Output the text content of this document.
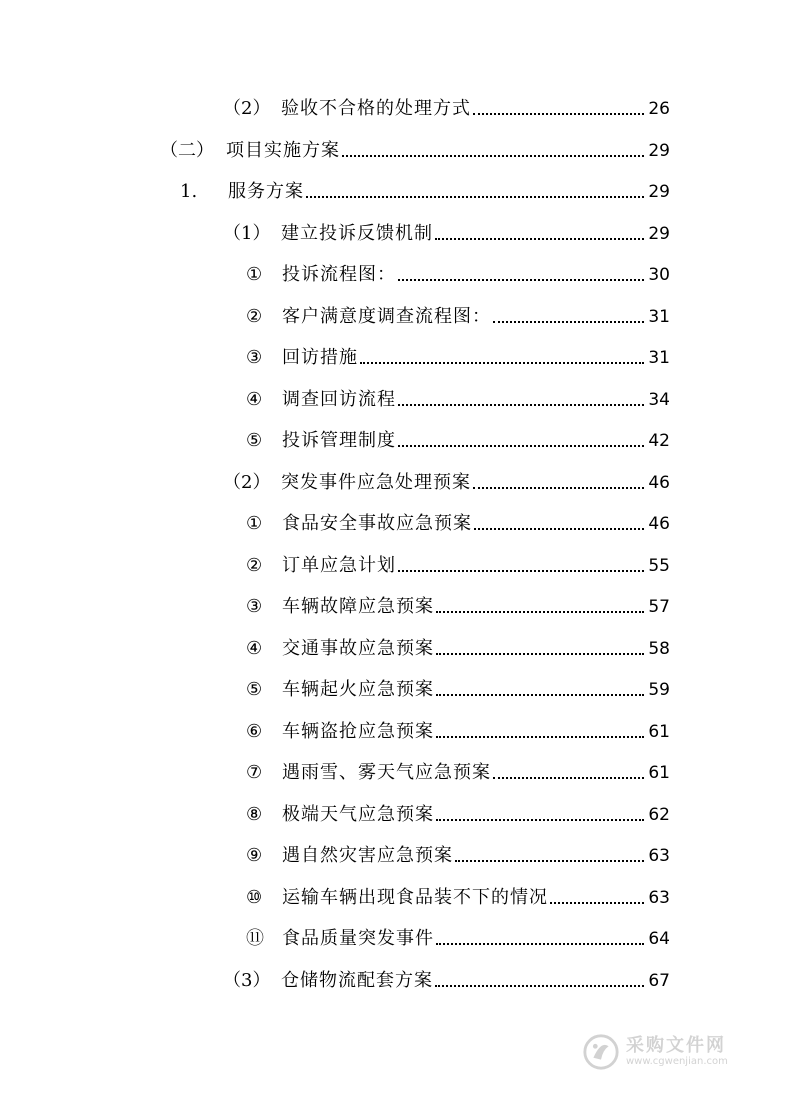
（2） 验收不合格的处理方式	26
（二） 项目实施方案	29
1.	服务方案	29
（1） 建立投诉反馈机制	29
①	投诉流程图：	30
②	客户满意度调查流程图：	31
③	回访措施	31
④	调查回访流程	34
⑤	投诉管理制度	42
（2） 突发事件应急处理预案	46
①	食品安全事故应急预案	46
②	订单应急计划	55
③	车辆故障应急预案	57
④	交通事故应急预案	58
⑤	车辆起火应急预案	59
⑥	车辆盗抢应急预案	61
⑦	遇雨雪、雾天气应急预案	61
⑧	极端天气应急预案	62
⑨	遇自然灾害应急预案	63
⑩	运输车辆出现食品装不下的情况	63
⑪	食品质量突发事件	64
（3） 仓储物流配套方案	67
采购文件网
www.cgwenjian.com
